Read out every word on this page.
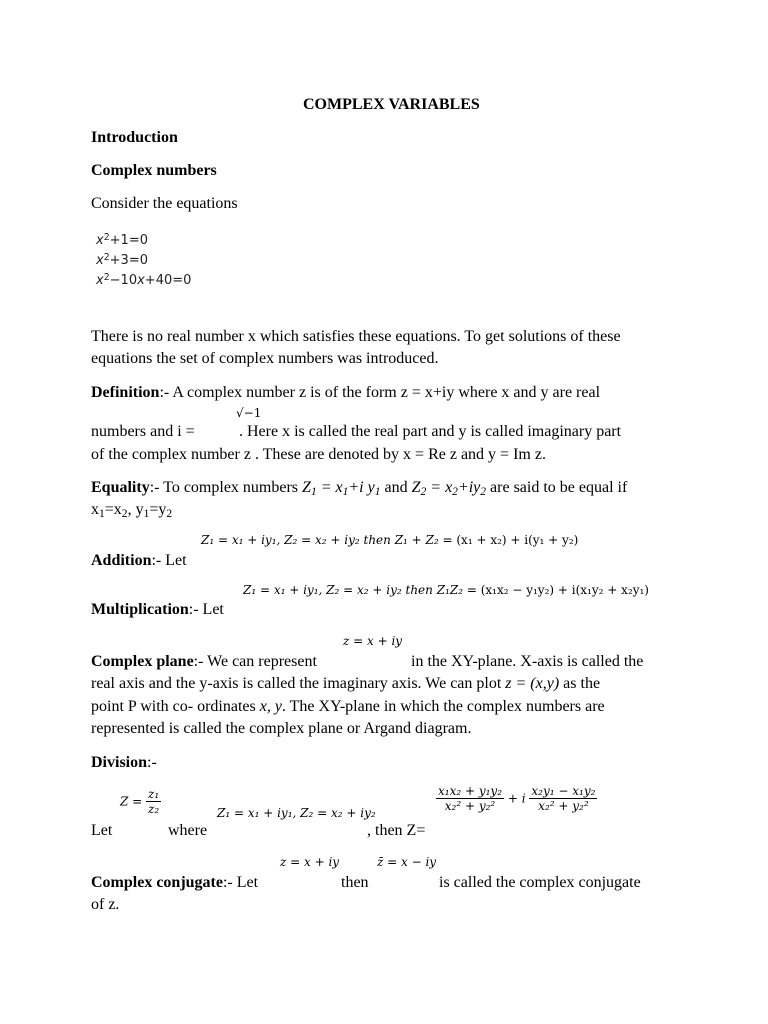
COMPLEX VARIABLES
Introduction
Complex numbers
Consider the equations
$x^2+1=0$
$x^2+3=0$
$x^2-10x+40=0$
There is no real number x which satisfies these equations. To get solutions of these
equations the set of complex numbers was introduced.
Definition:- A complex number z is of the form z = x+iy where x and y are real
√−1
numbers and i =	. Here x is called the real part and y is called imaginary part
of the complex number z . These are denoted by x = Re z and y = Im z.
Equality:- To complex numbers $Z_1 = x_1+i$ $y_1$ and $Z_2 = x_2+iy_2$ are said to be equal if
$x_1=x_2$, $y_1=y_2$
Z₁ = x₁ + iy₁, Z₂ = x₂ + iy₂ then Z₁ + Z₂ = (x₁ + x₂) + i(y₁ + y₂)
Addition:- Let
Z₁ = x₁ + iy₁, Z₂ = x₂ + iy₂ then Z₁Z₂ = (x₁x₂ − y₁y₂) + i(x₁y₂ + x₂y₁)
Multiplication:- Let
z = x + iy
Complex plane:- We can represent	in the XY-plane. X-axis is called the
real axis and the y-axis is called the imaginary axis. We can plot z = (x,y) as the
point P with co- ordinates x, y. The XY-plane in which the complex numbers are
represented is called the complex plane or Argand diagram.
Division:-
$Z = \frac{\text{z₁}}{\text{z₂}}$	Z₁ = x₁ + iy₁, Z₂ = x₂ + iy₂	$\frac{\text{x₁x₂ + y₁y₂}}{\text{x₂² + y₂²}} + i \frac{\text{x₂y₁ − x₁y₂}}{\text{x₂² + y₂²}}$
Let	where	, then Z=
z = x + iy	z̄ = x − iy
Complex conjugate:- Let	then	is called the complex conjugate
of z.
